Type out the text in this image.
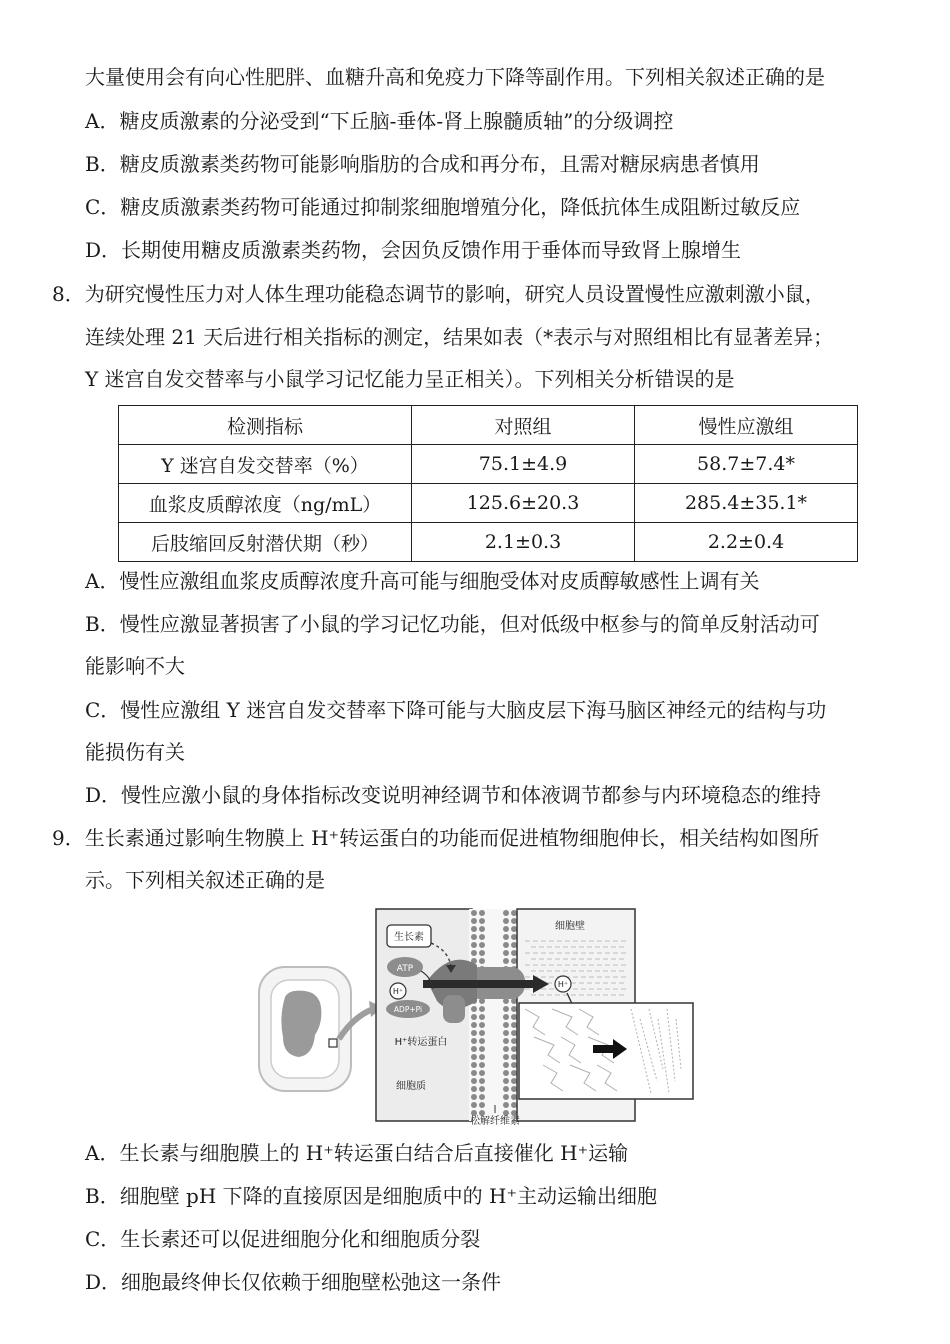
大量使用会有向心性肥胖、血糖升高和免疫力下降等副作用。下列相关叙述正确的是
A．糖皮质激素的分泌受到“下丘脑-垂体-肾上腺髓质轴”的分级调控
B．糖皮质激素类药物可能影响脂肪的合成和再分布，且需对糖尿病患者慎用
C．糖皮质激素类药物可能通过抑制浆细胞增殖分化，降低抗体生成阻断过敏反应
D．长期使用糖皮质激素类药物，会因负反馈作用于垂体而导致肾上腺增生
8．为研究慢性压力对人体生理功能稳态调节的影响，研究人员设置慢性应激刺激小鼠，
连续处理 21 天后进行相关指标的测定，结果如表（*表示与对照组相比有显著差异；
Y 迷宫自发交替率与小鼠学习记忆能力呈正相关）。下列相关分析错误的是
检测指标	对照组	慢性应激组
Y 迷宫自发交替率（%）	75.1±4.9	58.7±7.4*
血浆皮质醇浓度（ng/mL）	125.6±20.3	285.4±35.1*
后肢缩回反射潜伏期（秒）	2.1±0.3	2.2±0.4
A．慢性应激组血浆皮质醇浓度升高可能与细胞受体对皮质醇敏感性上调有关
B．慢性应激显著损害了小鼠的学习记忆功能，但对低级中枢参与的简单反射活动可
能影响不大
C．慢性应激组 Y 迷宫自发交替率下降可能与大脑皮层下海马脑区神经元的结构与功
能损伤有关
D．慢性应激小鼠的身体指标改变说明神经调节和体液调节都参与内环境稳态的维持
9．生长素通过影响生物膜上 H⁺转运蛋白的功能而促进植物细胞伸长，相关结构如图所
示。下列相关叙述正确的是
生长素
ATP
H⁺
ADP+Pi
H⁺转运蛋白
细胞质
H⁺
细胞壁
松解纤维素
A．生长素与细胞膜上的 H⁺转运蛋白结合后直接催化 H⁺运输
B．细胞壁 pH 下降的直接原因是细胞质中的 H⁺主动运输出细胞
C．生长素还可以促进细胞分化和细胞质分裂
D．细胞最终伸长仅依赖于细胞壁松弛这一条件
